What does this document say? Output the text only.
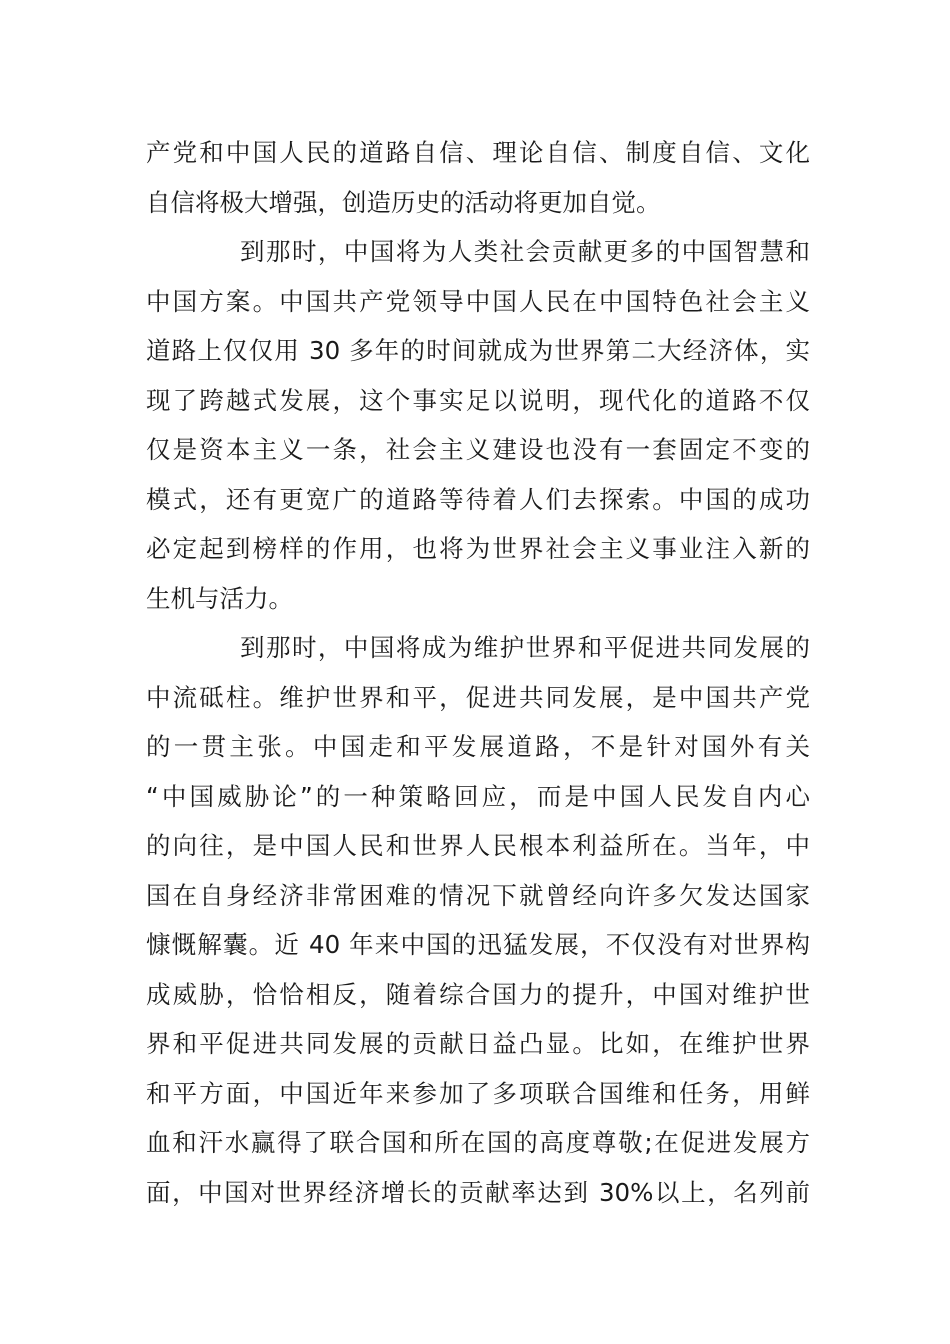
产党和中国人民的道路自信、理论自信、制度自信、文化
自信将极大增强，创造历史的活动将更加自觉。
到那时，中国将为人类社会贡献更多的中国智慧和
中国方案。中国共产党领导中国人民在中国特色社会主义
道路上仅仅用 30 多年的时间就成为世界第二大经济体，实
现了跨越式发展，这个事实足以说明，现代化的道路不仅
仅是资本主义一条，社会主义建设也没有一套固定不变的
模式，还有更宽广的道路等待着人们去探索。中国的成功
必定起到榜样的作用，也将为世界社会主义事业注入新的
生机与活力。
到那时，中国将成为维护世界和平促进共同发展的
中流砥柱。维护世界和平，促进共同发展，是中国共产党
的一贯主张。中国走和平发展道路，不是针对国外有关
“中国威胁论”的一种策略回应，而是中国人民发自内心
的向往，是中国人民和世界人民根本利益所在。当年，中
国在自身经济非常困难的情况下就曾经向许多欠发达国家
慷慨解囊。近 40 年来中国的迅猛发展，不仅没有对世界构
成威胁，恰恰相反，随着综合国力的提升，中国对维护世
界和平促进共同发展的贡献日益凸显。比如，在维护世界
和平方面，中国近年来参加了多项联合国维和任务，用鲜
血和汗水赢得了联合国和所在国的高度尊敬;在促进发展方
面，中国对世界经济增长的贡献率达到 30%以上，名列前
